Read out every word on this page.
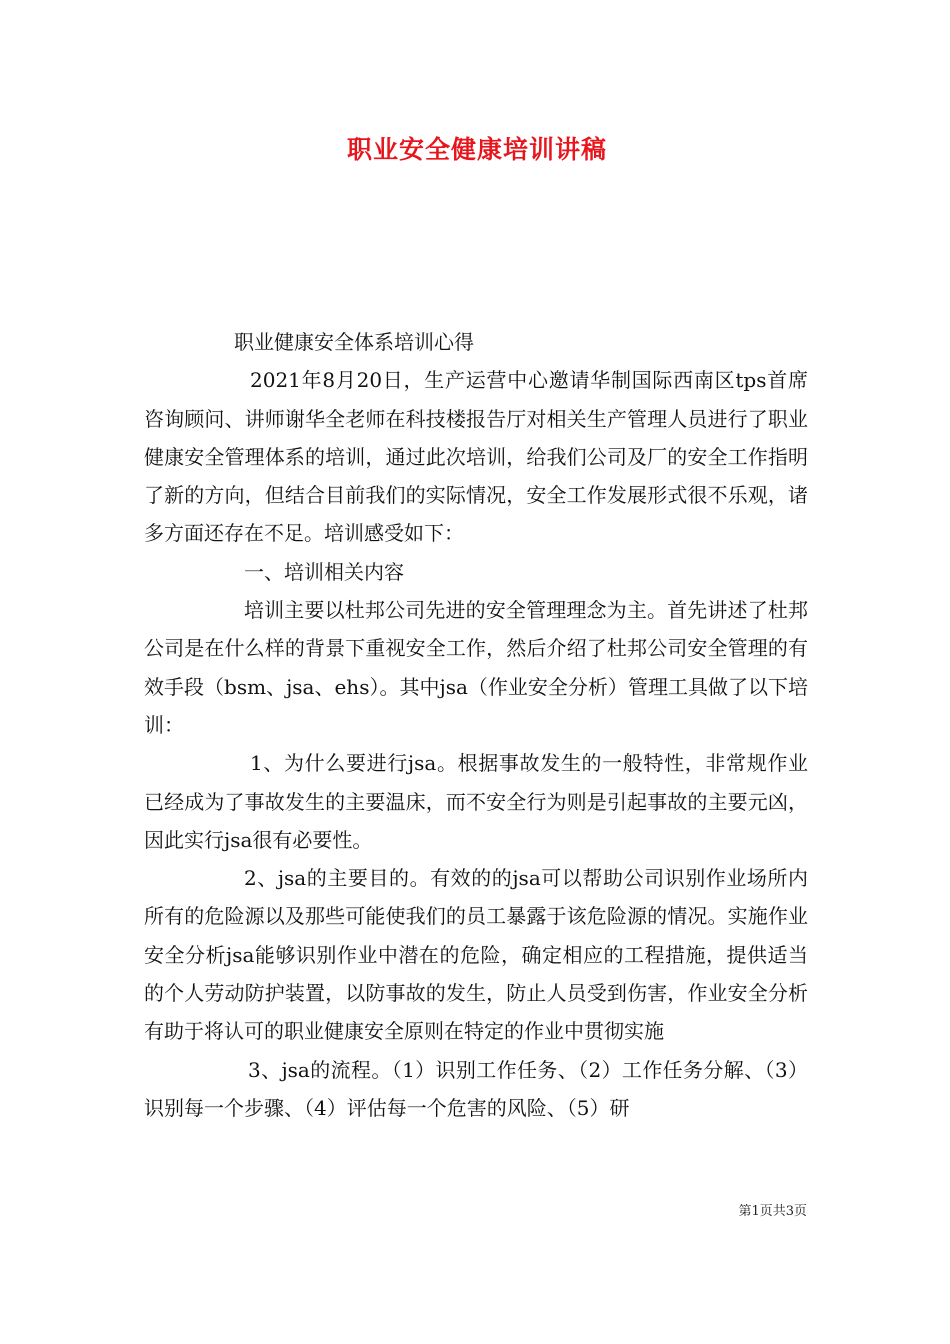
职业安全健康培训讲稿

职业健康安全体系培训心得

2021年8月20日，生产运营中心邀请华制国际西南区tps首席咨询顾问、讲师谢华全老师在科技楼报告厅对相关生产管理人员进行了职业健康安全管理体系的培训，通过此次培训，给我们公司及厂的安全工作指明了新的方向，但结合目前我们的实际情况，安全工作发展形式很不乐观，诸多方面还存在不足。培训感受如下：

一、培训相关内容

培训主要以杜邦公司先进的安全管理理念为主。首先讲述了杜邦公司是在什么样的背景下重视安全工作，然后介绍了杜邦公司安全管理的有效手段（bsm、jsa、ehs）。其中jsa（作业安全分析）管理工具做了以下培训：

1、为什么要进行jsa。根据事故发生的一般特性，非常规作业已经成为了事故发生的主要温床，而不安全行为则是引起事故的主要元凶，因此实行jsa很有必要性。

2、jsa的主要目的。有效的的jsa可以帮助公司识别作业场所内所有的危险源以及那些可能使我们的员工暴露于该危险源的情况。实施作业安全分析jsa能够识别作业中潜在的危险，确定相应的工程措施，提供适当的个人劳动防护装置，以防事故的发生，防止人员受到伤害，作业安全分析有助于将认可的职业健康安全原则在特定的作业中贯彻实施

3、jsa的流程。（1）识别工作任务、（2）工作任务分解、（3）识别每一个步骤、（4）评估每一个危害的风险、（5）研

第1页共3页
